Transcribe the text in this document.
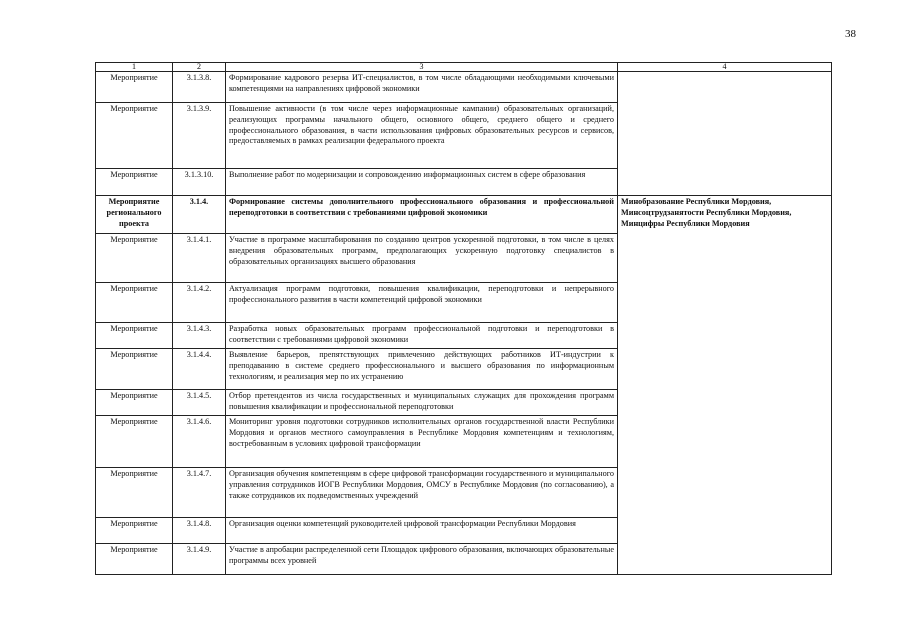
38
1	2	3	4
Мероприятие	3.1.3.8.	Формирование кадрового резерва ИТ-специалистов, в том числе обладающими необходимыми ключевыми компетенциями на направлениях цифровой экономики	
Мероприятие	3.1.3.9.	Повышение активности (в том числе через информационные кампании) образовательных организаций, реализующих программы начального общего, основного общего, среднего общего и среднего профессионального образования, в части использования цифровых образовательных ресурсов и сервисов, предоставляемых в рамках реализации федерального проекта	
Мероприятие	3.1.3.10.	Выполнение работ по модернизации и сопровождению информационных систем в сфере образования	
Мероприятие регионального проекта	3.1.4.	Формирование системы дополнительного профессионального образования и профессиональной переподготовки в соответствии с требованиями цифровой экономики	Минобразование Республики Мордовия, Минсоцтрудзанятости Республики Мордовия, Минцифры Республики Мордовия
Мероприятие	3.1.4.1.	Участие в программе масштабирования по созданию центров ускоренной подготовки, в том числе в целях внедрения образовательных программ, предполагающих ускоренную подготовку специалистов в образовательных организациях высшего образования	
Мероприятие	3.1.4.2.	Актуализация программ подготовки, повышения квалификации, переподготовки и непрерывного профессионального развития в части компетенций цифровой экономики	
Мероприятие	3.1.4.3.	Разработка новых образовательных программ профессиональной подготовки и переподготовки в соответствии с требованиями цифровой экономики	
Мероприятие	3.1.4.4.	Выявление барьеров, препятствующих привлечению действующих работников ИТ-индустрии к преподаванию в системе среднего профессионального и высшего образования по информационным технологиям, и реализация мер по их устранению	
Мероприятие	3.1.4.5.	Отбор претендентов из числа государственных и муниципальных служащих для прохождения программ повышения квалификации и профессиональной переподготовки	
Мероприятие	3.1.4.6.	Мониторинг уровня подготовки сотрудников исполнительных органов государственной власти Республики Мордовия и органов местного самоуправления в Республике Мордовия компетенциям и технологиям, востребованным в условиях цифровой трансформации	
Мероприятие	3.1.4.7.	Организация обучения компетенциям в сфере цифровой трансформации государственного и муниципального управления сотрудников ИОГВ Республики Мордовия, ОМСУ в Республике Мордовия (по согласованию), а также сотрудников их подведомственных учреждений	
Мероприятие	3.1.4.8.	Организация оценки компетенций руководителей цифровой трансформации Республики Мордовия	
Мероприятие	3.1.4.9.	Участие в апробации распределенной сети Площадок цифрового образования, включающих образовательные программы всех уровней	
